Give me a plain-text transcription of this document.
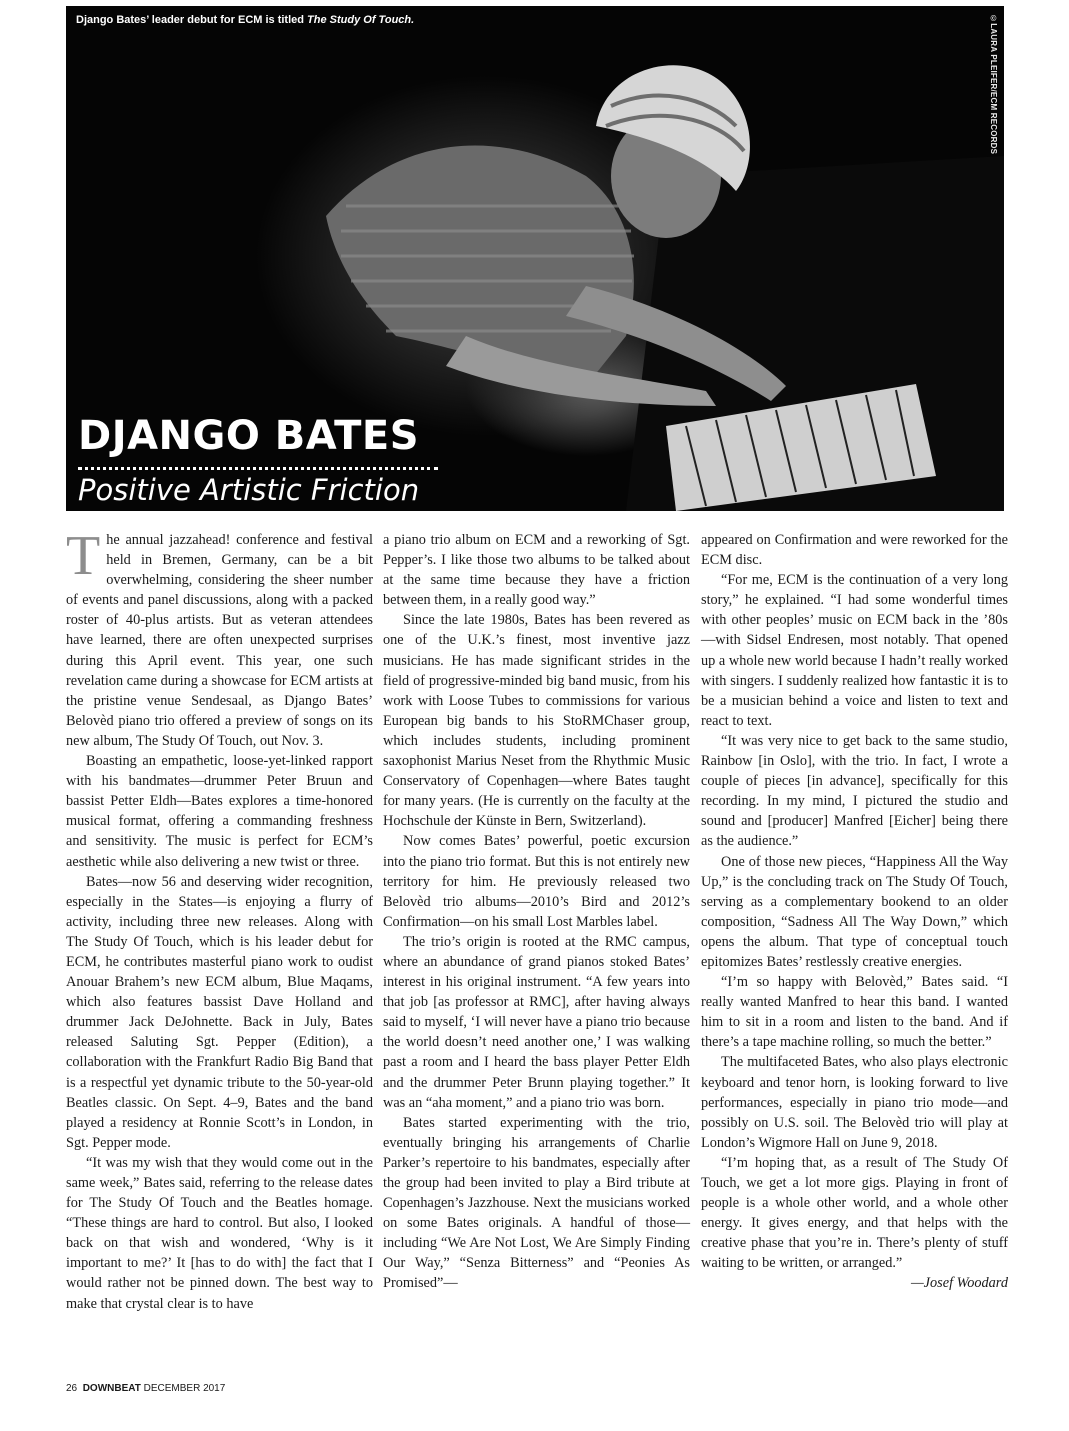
Django Bates’ leader debut for ECM is titled The Study Of Touch.	©LAURA PLEIFER/ECM RECORDS
DJANGO BATES
Positive Artistic Friction

The annual jazzahead! conference and festival held in Bremen, Germany, can be a bit overwhelming, considering the sheer number of events and panel discussions, along with a packed roster of 40-plus artists. But as veteran attendees have learned, there are often unexpected surprises during this April event. This year, one such revelation came during a showcase for ECM artists at the pristine venue Sendesaal, as Django Bates’ Belovèd piano trio offered a preview of songs on its new album, The Study Of Touch, out Nov. 3.

Boasting an empathetic, loose-yet-linked rapport with his bandmates—drummer Peter Bruun and bassist Petter Eldh—Bates explores a time-honored musical format, offering a commanding freshness and sensitivity. The music is perfect for ECM’s aesthetic while also delivering a new twist or three.

Bates—now 56 and deserving wider recognition, especially in the States—is enjoying a flurry of activity, including three new releases. Along with The Study Of Touch, which is his leader debut for ECM, he contributes masterful piano work to oudist Anouar Brahem’s new ECM album, Blue Maqams, which also features bassist Dave Holland and drummer Jack DeJohnette. Back in July, Bates released Saluting Sgt. Pepper (Edition), a collaboration with the Frankfurt Radio Big Band that is a respectful yet dynamic tribute to the 50-year-old Beatles classic. On Sept. 4–9, Bates and the band played a residency at Ronnie Scott’s in London, in Sgt. Pepper mode.

“It was my wish that they would come out in the same week,” Bates said, referring to the release dates for The Study Of Touch and the Beatles homage. “These things are hard to control. But also, I looked back on that wish and wondered, ‘Why is it important to me?’ It [has to do with] the fact that I would rather not be pinned down. The best way to make that crystal clear is to have

a piano trio album on ECM and a reworking of Sgt. Pepper’s. I like those two albums to be talked about at the same time because they have a friction between them, in a really good way.”

Since the late 1980s, Bates has been revered as one of the U.K.’s finest, most inventive jazz musicians. He has made significant strides in the field of progressive-minded big band music, from his work with Loose Tubes to commissions for various European big bands to his StoRMChaser group, which includes students, including prominent saxophonist Marius Neset from the Rhythmic Music Conservatory of Copenhagen—where Bates taught for many years. (He is currently on the faculty at the Hochschule der Künste in Bern, Switzerland).

Now comes Bates’ powerful, poetic excursion into the piano trio format. But this is not entirely new territory for him. He previously released two Belovèd trio albums—2010’s Bird and 2012’s Confirmation—on his small Lost Marbles label.

The trio’s origin is rooted at the RMC campus, where an abundance of grand pianos stoked Bates’ interest in his original instrument. “A few years into that job [as professor at RMC], after having always said to myself, ‘I will never have a piano trio because the world doesn’t need another one,’ I was walking past a room and I heard the bass player Petter Eldh and the drummer Peter Brunn playing together.” It was an “aha moment,” and a piano trio was born.

Bates started experimenting with the trio, eventually bringing his arrangements of Charlie Parker’s repertoire to his bandmates, especially after the group had been invited to play a Bird tribute at Copenhagen’s Jazzhouse. Next the musicians worked on some Bates originals. A handful of those—including “We Are Not Lost, We Are Simply Finding Our Way,” “Senza Bitterness” and “Peonies As Promised”—

appeared on Confirmation and were reworked for the ECM disc.

“For me, ECM is the continuation of a very long story,” he explained. “I had some wonderful times with other peoples’ music on ECM back in the ’80s—with Sidsel Endresen, most notably. That opened up a whole new world because I hadn’t really worked with singers. I suddenly realized how fantastic it is to be a musician behind a voice and listen to text and react to text.

“It was very nice to get back to the same studio, Rainbow [in Oslo], with the trio. In fact, I wrote a couple of pieces [in advance], specifically for this recording. In my mind, I pictured the studio and sound and [producer] Manfred [Eicher] being there as the audience.”

One of those new pieces, “Happiness All the Way Up,” is the concluding track on The Study Of Touch, serving as a complementary bookend to an older composition, “Sadness All The Way Down,” which opens the album. That type of conceptual touch epitomizes Bates’ restlessly creative energies.

“I’m so happy with Belovèd,” Bates said. “I really wanted Manfred to hear this band. I wanted him to sit in a room and listen to the band. And if there’s a tape machine rolling, so much the better.”

The multifaceted Bates, who also plays electronic keyboard and tenor horn, is looking forward to live performances, especially in piano trio mode—and possibly on U.S. soil. The Belovèd trio will play at London’s Wigmore Hall on June 9, 2018.

“I’m hoping that, as a result of The Study Of Touch, we get a lot more gigs. Playing in front of people is a whole other world, and a whole other energy. It gives energy, and that helps with the creative phase that you’re in. There’s plenty of stuff waiting to be written, or arranged.”

—Josef Woodard

26 DOWNBEAT DECEMBER 2017
